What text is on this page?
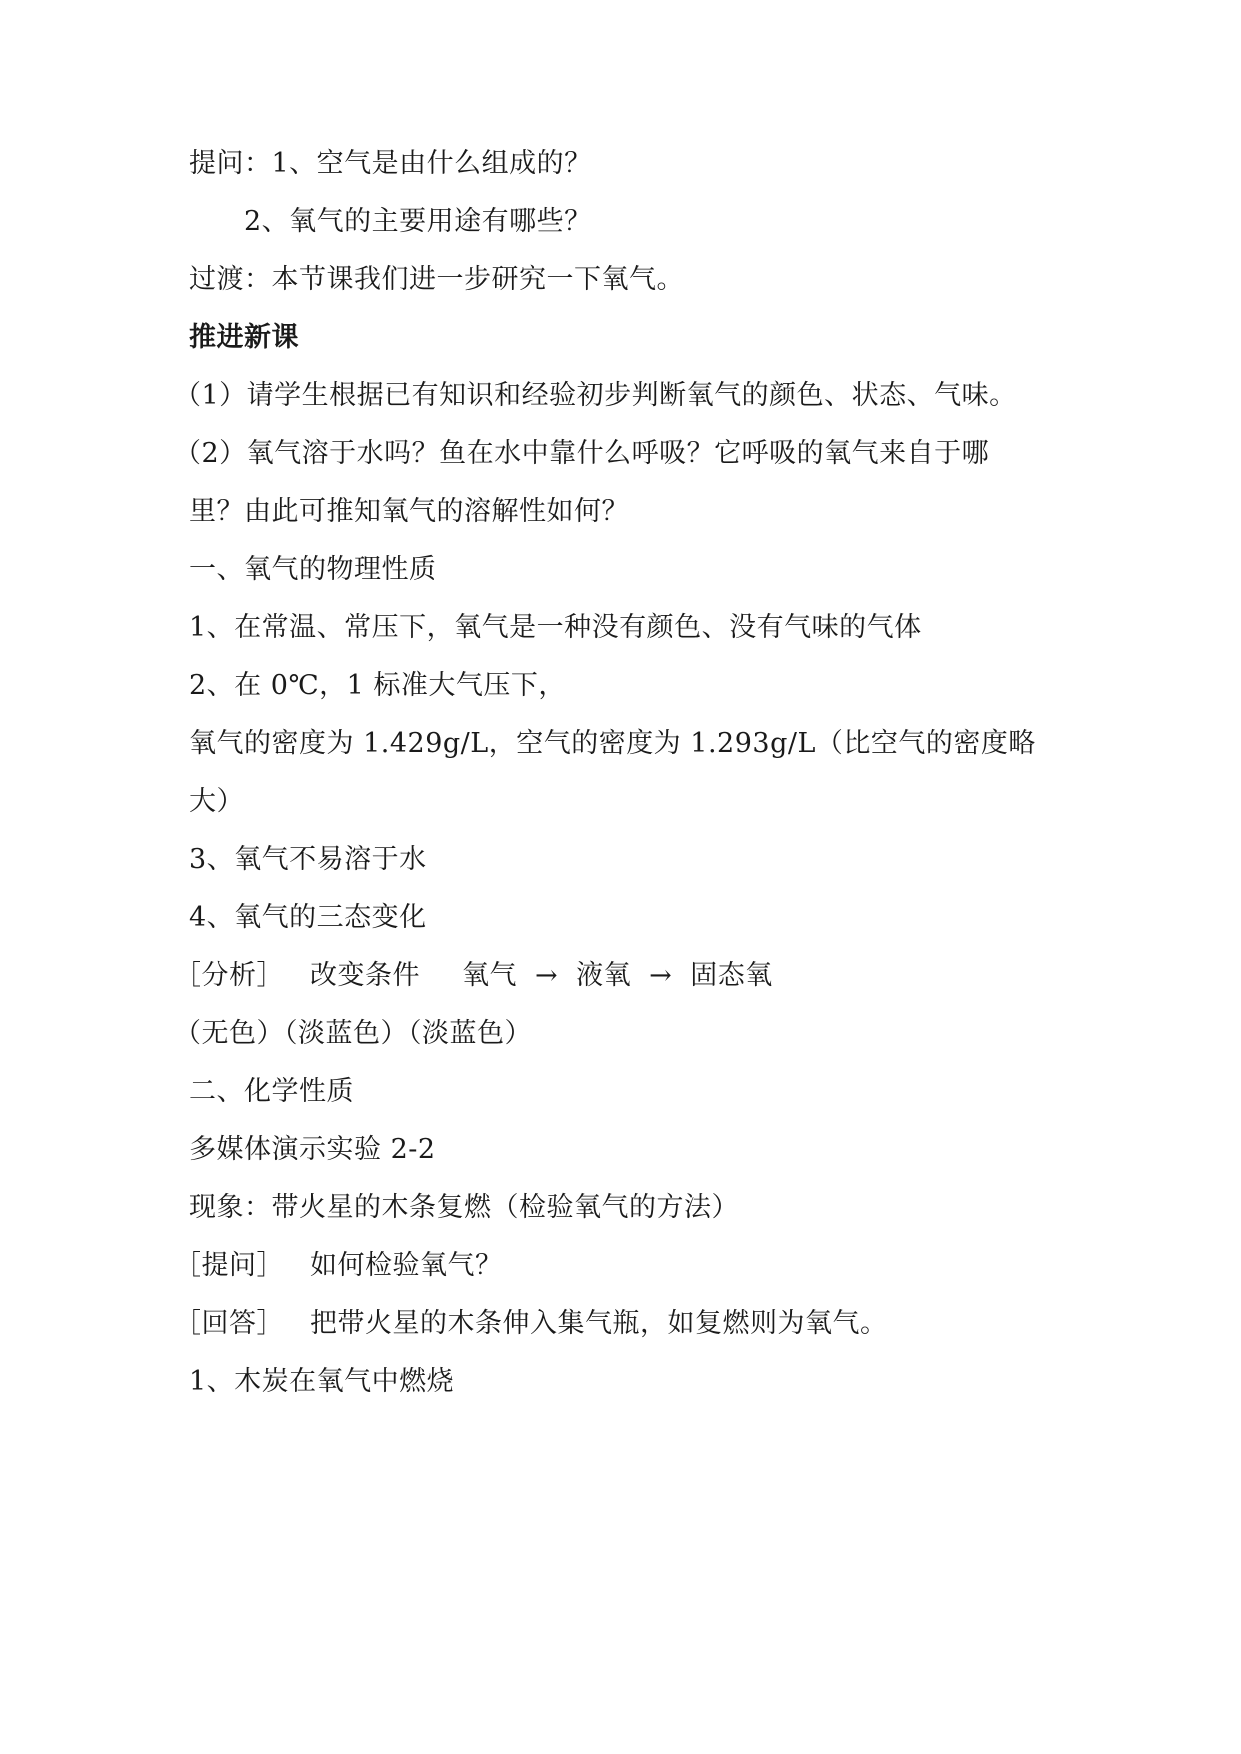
提问：1、空气是由什么组成的？
2、氧气的主要用途有哪些？
过渡：本节课我们进一步研究一下氧气。
推进新课
（1）请学生根据已有知识和经验初步判断氧气的颜色、状态、气味。
（2）氧气溶于水吗？鱼在水中靠什么呼吸？它呼吸的氧气来自于哪
里？由此可推知氧气的溶解性如何？
一、氧气的物理性质
1、在常温、常压下，氧气是一种没有颜色、没有气味的气体
2、在 0℃，1 标准大气压下，
氧气的密度为 1.429g/L，空气的密度为 1.293g/L（比空气的密度略
大）
3、氧气不易溶于水
4、氧气的三态变化
［分析］ 改变条件 氧气 → 液氧 → 固态氧
（无色）（淡蓝色）（淡蓝色）
二、化学性质
多媒体演示实验 2-2
现象：带火星的木条复燃（检验氧气的方法）
［提问］ 如何检验氧气？
［回答］ 把带火星的木条伸入集气瓶，如复燃则为氧气。
1、木炭在氧气中燃烧
